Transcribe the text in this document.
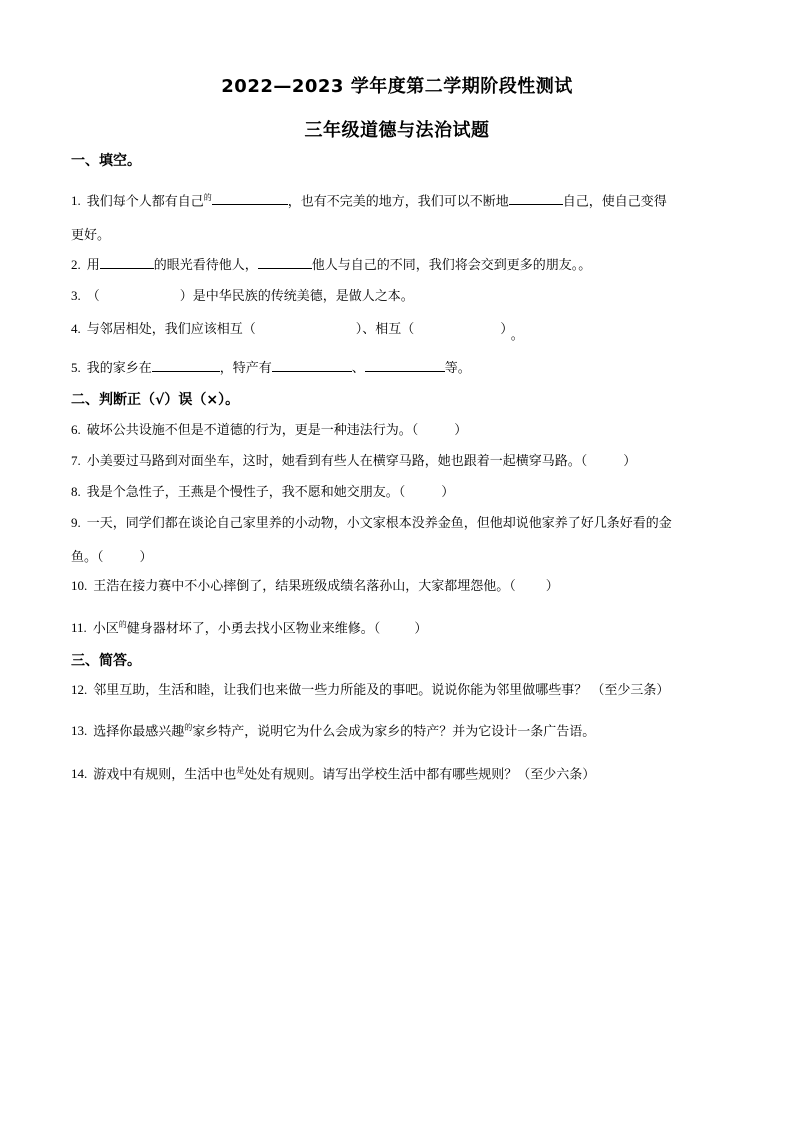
2022—2023 学年度第二学期阶段性测试
三年级道德与法治试题
一、填空。
1. 我们每个人都有自己$^的$	，也有不完美的地方，我们可以不断地	自己，使自己变得
更好。
2. 用	的眼光看待他人，	他人与自己的不同，我们将会交到更多的朋友。。
3. （	）是中华民族的传统美德，是做人之本。
4. 与邻居相处，我们应该相互（	）、相互（	） 。
5. 我的家乡在	，特产有	、	等。
二、判断正（√）误（×）。
6. 破坏公共设施不但是不道德的行为，更是一种违法行为。（	）
7. 小美要过马路到对面坐车，这时，她看到有些人在横穿马路，她也跟着一起横穿马路。（	）
8. 我是个急性子，王燕是个慢性子，我不愿和她交朋友。（	）
9. 一天，同学们都在谈论自己家里养的小动物，小文家根本没养金鱼，但他却说他家养了好几条好看的金
鱼。（	）
10. 王浩在接力赛中不小心摔倒了，结果班级成绩名落孙山，大家都埋怨他。（ ）
11. 小区$^的$健身器材坏了，小勇去找小区物业来维修。（	）
三、简答。
12. 邻里互助，生活和睦，让我们也来做一些力所能及的事吧。说说你能为邻里做哪些事？ （至少三条）
13. 选择你最感兴趣$^的$家乡特产，说明它为什么会成为家乡的特产？并为它设计一条广告语。
14. 游戏中有规则，生活中也$^是$处处有规则。请写出学校生活中都有哪些规则？（至少六条）
